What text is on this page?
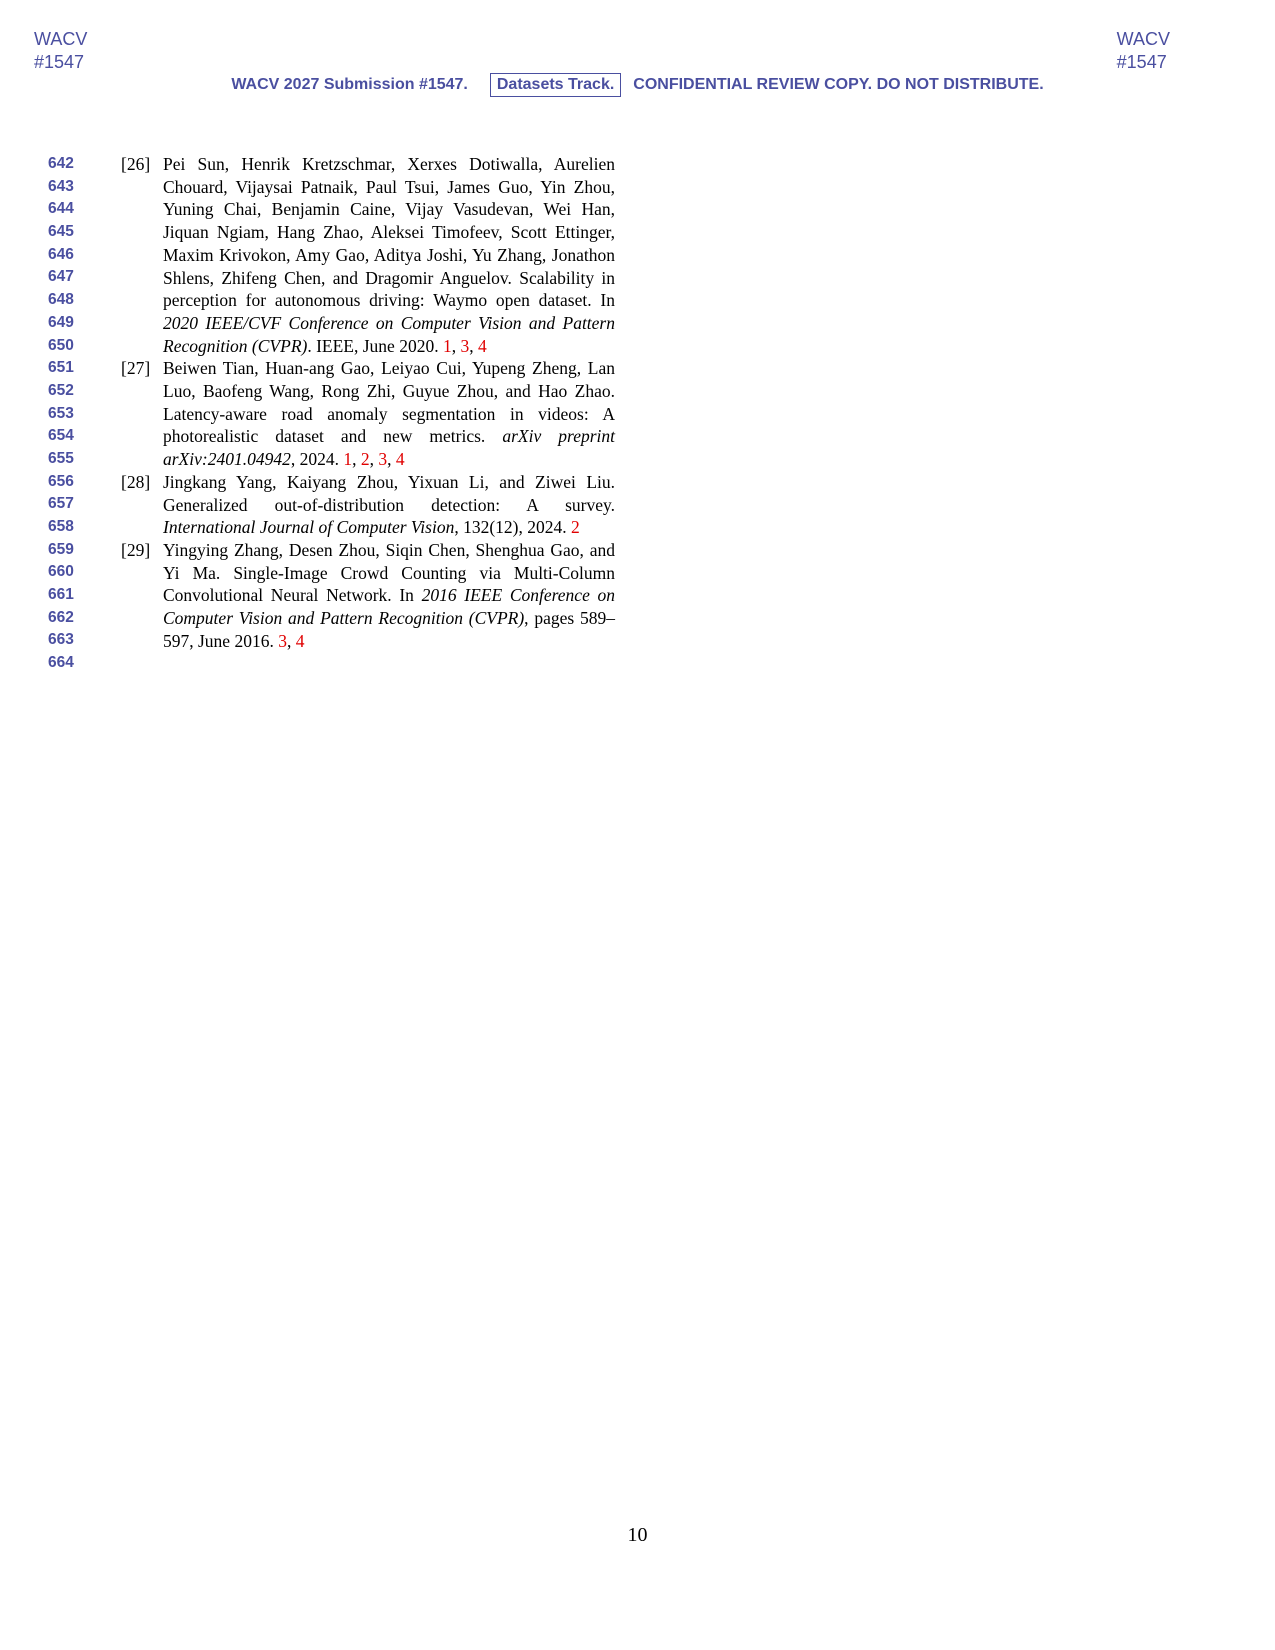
WACV
#1547
WACV
#1547
WACV 2027 Submission #1547. Datasets Track. CONFIDENTIAL REVIEW COPY. DO NOT DISTRIBUTE.
642
643
644
645
646
647
648
649
650
651
652
653
654
655
656
657
658
659
660
661
662
663
664
[26] Pei Sun, Henrik Kretzschmar, Xerxes Dotiwalla, Aurelien Chouard, Vijaysai Patnaik, Paul Tsui, James Guo, Yin Zhou, Yuning Chai, Benjamin Caine, Vijay Vasudevan, Wei Han, Jiquan Ngiam, Hang Zhao, Aleksei Timofeev, Scott Ettinger, Maxim Krivokon, Amy Gao, Aditya Joshi, Yu Zhang, Jonathon Shlens, Zhifeng Chen, and Dragomir Anguelov. Scalability in perception for autonomous driving: Waymo open dataset. In 2020 IEEE/CVF Conference on Computer Vision and Pattern Recognition (CVPR). IEEE, June 2020. 1, 3, 4
[27] Beiwen Tian, Huan-ang Gao, Leiyao Cui, Yupeng Zheng, Lan Luo, Baofeng Wang, Rong Zhi, Guyue Zhou, and Hao Zhao. Latency-aware road anomaly segmentation in videos: A photorealistic dataset and new metrics. arXiv preprint arXiv:2401.04942, 2024. 1, 2, 3, 4
[28] Jingkang Yang, Kaiyang Zhou, Yixuan Li, and Ziwei Liu. Generalized out-of-distribution detection: A survey. International Journal of Computer Vision, 132(12), 2024. 2
[29] Yingying Zhang, Desen Zhou, Siqin Chen, Shenghua Gao, and Yi Ma. Single-Image Crowd Counting via Multi-Column Convolutional Neural Network. In 2016 IEEE Conference on Computer Vision and Pattern Recognition (CVPR), pages 589–597, June 2016. 3, 4
10
